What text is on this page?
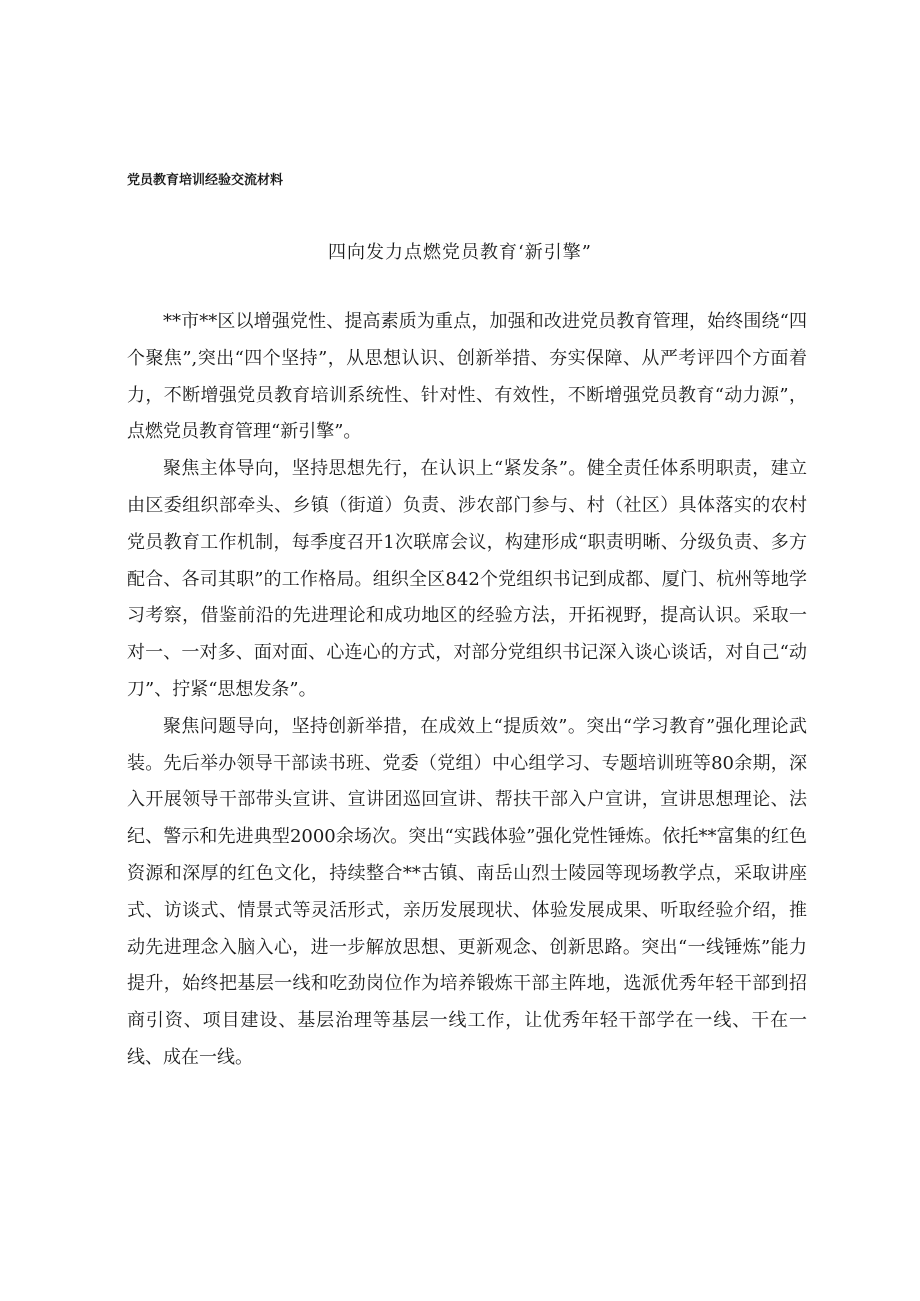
党员教育培训经验交流材料
四向发力点燃党员教育‘新引擎”

**市**区以增强党性、提高素质为重点，加强和改进党员教育管理，始终围绕“四个聚焦”,突出“四个坚持”，从思想认识、创新举措、夯实保障、从严考评四个方面着力，不断增强党员教育培训系统性、针对性、有效性，不断增强党员教育“动力源”，点燃党员教育管理“新引擎”。

聚焦主体导向，坚持思想先行，在认识上“紧发条”。健全责任体系明职责，建立由区委组织部牵头、乡镇（街道）负责、涉农部门参与、村（社区）具体落实的农村党员教育工作机制，每季度召开1次联席会议，构建形成“职责明晰、分级负责、多方配合、各司其职”的工作格局。组织全区842个党组织书记到成都、厦门、杭州等地学习考察，借鉴前沿的先进理论和成功地区的经验方法，开拓视野，提高认识。采取一对一、一对多、面对面、心连心的方式，对部分党组织书记深入谈心谈话，对自己“动刀”、拧紧“思想发条”。

聚焦问题导向，坚持创新举措，在成效上“提质效”。突出“学习教育”强化理论武装。先后举办领导干部读书班、党委（党组）中心组学习、专题培训班等80余期，深入开展领导干部带头宣讲、宣讲团巡回宣讲、帮扶干部入户宣讲，宣讲思想理论、法纪、警示和先进典型2000余场次。突出“实践体验”强化党性锤炼。依托**富集的红色资源和深厚的红色文化，持续整合**古镇、南岳山烈士陵园等现场教学点，采取讲座式、访谈式、情景式等灵活形式，亲历发展现状、体验发展成果、听取经验介绍，推动先进理念入脑入心，进一步解放思想、更新观念、创新思路。突出“一线锤炼”能力提升，始终把基层一线和吃劲岗位作为培养锻炼干部主阵地，选派优秀年轻干部到招商引资、项目建设、基层治理等基层一线工作，让优秀年轻干部学在一线、干在一线、成在一线。
